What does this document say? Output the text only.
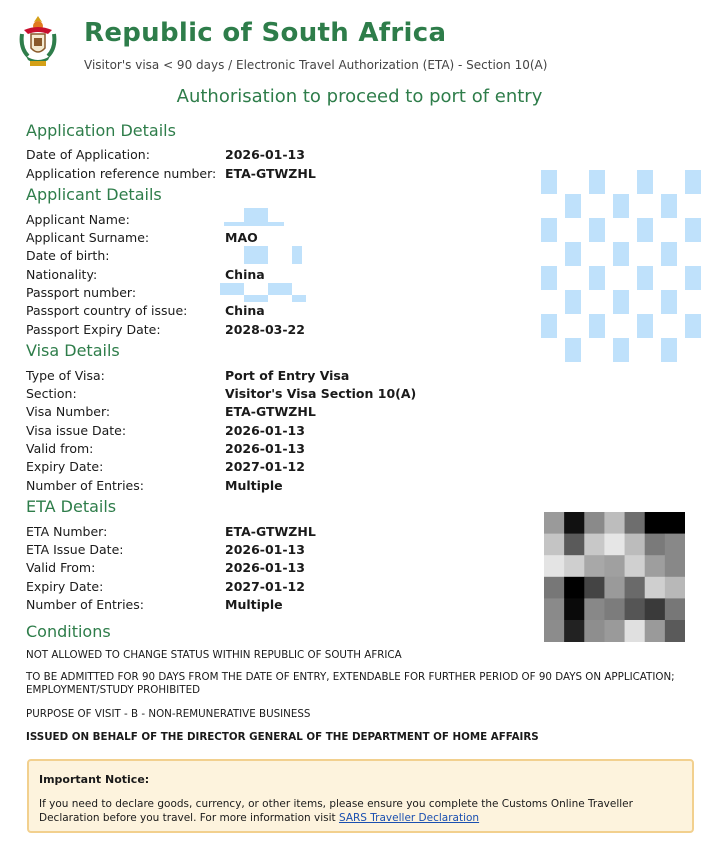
Republic of South Africa
Visitor's visa < 90 days / Electronic Travel Authorization (ETA) - Section 10(A)
Authorisation to proceed to port of entry
Application Details
Date of Application:	2026-01-13
Application reference number: ETA-GTWZHL
Applicant Details
Applicant Name:
Applicant Surname:	MAO
Date of birth:
Nationality:	China
Passport number:
Passport country of issue:	China
Passport Expiry Date:	2028-03-22
Visa Details
Type of Visa:	Port of Entry Visa
Section:	Visitor's Visa Section 10(A)
Visa Number:	ETA-GTWZHL
Visa issue Date:	2026-01-13
Valid from:	2026-01-13
Expiry Date:	2027-01-12
Number of Entries:	Multiple
ETA Details
ETA Number:	ETA-GTWZHL
ETA Issue Date:	2026-01-13
Valid From:	2026-01-13
Expiry Date:	2027-01-12
Number of Entries:	Multiple
Conditions
NOT ALLOWED TO CHANGE STATUS WITHIN REPUBLIC OF SOUTH AFRICA
TO BE ADMITTED FOR 90 DAYS FROM THE DATE OF ENTRY, EXTENDABLE FOR FURTHER PERIOD OF 90 DAYS ON APPLICATION; EMPLOYMENT/STUDY PROHIBITED
PURPOSE OF VISIT - B - NON-REMUNERATIVE BUSINESS
ISSUED ON BEHALF OF THE DIRECTOR GENERAL OF THE DEPARTMENT OF HOME AFFAIRS
Important Notice:
If you need to declare goods, currency, or other items, please ensure you complete the Customs Online Traveller Declaration before you travel. For more information visit SARS Traveller Declaration
